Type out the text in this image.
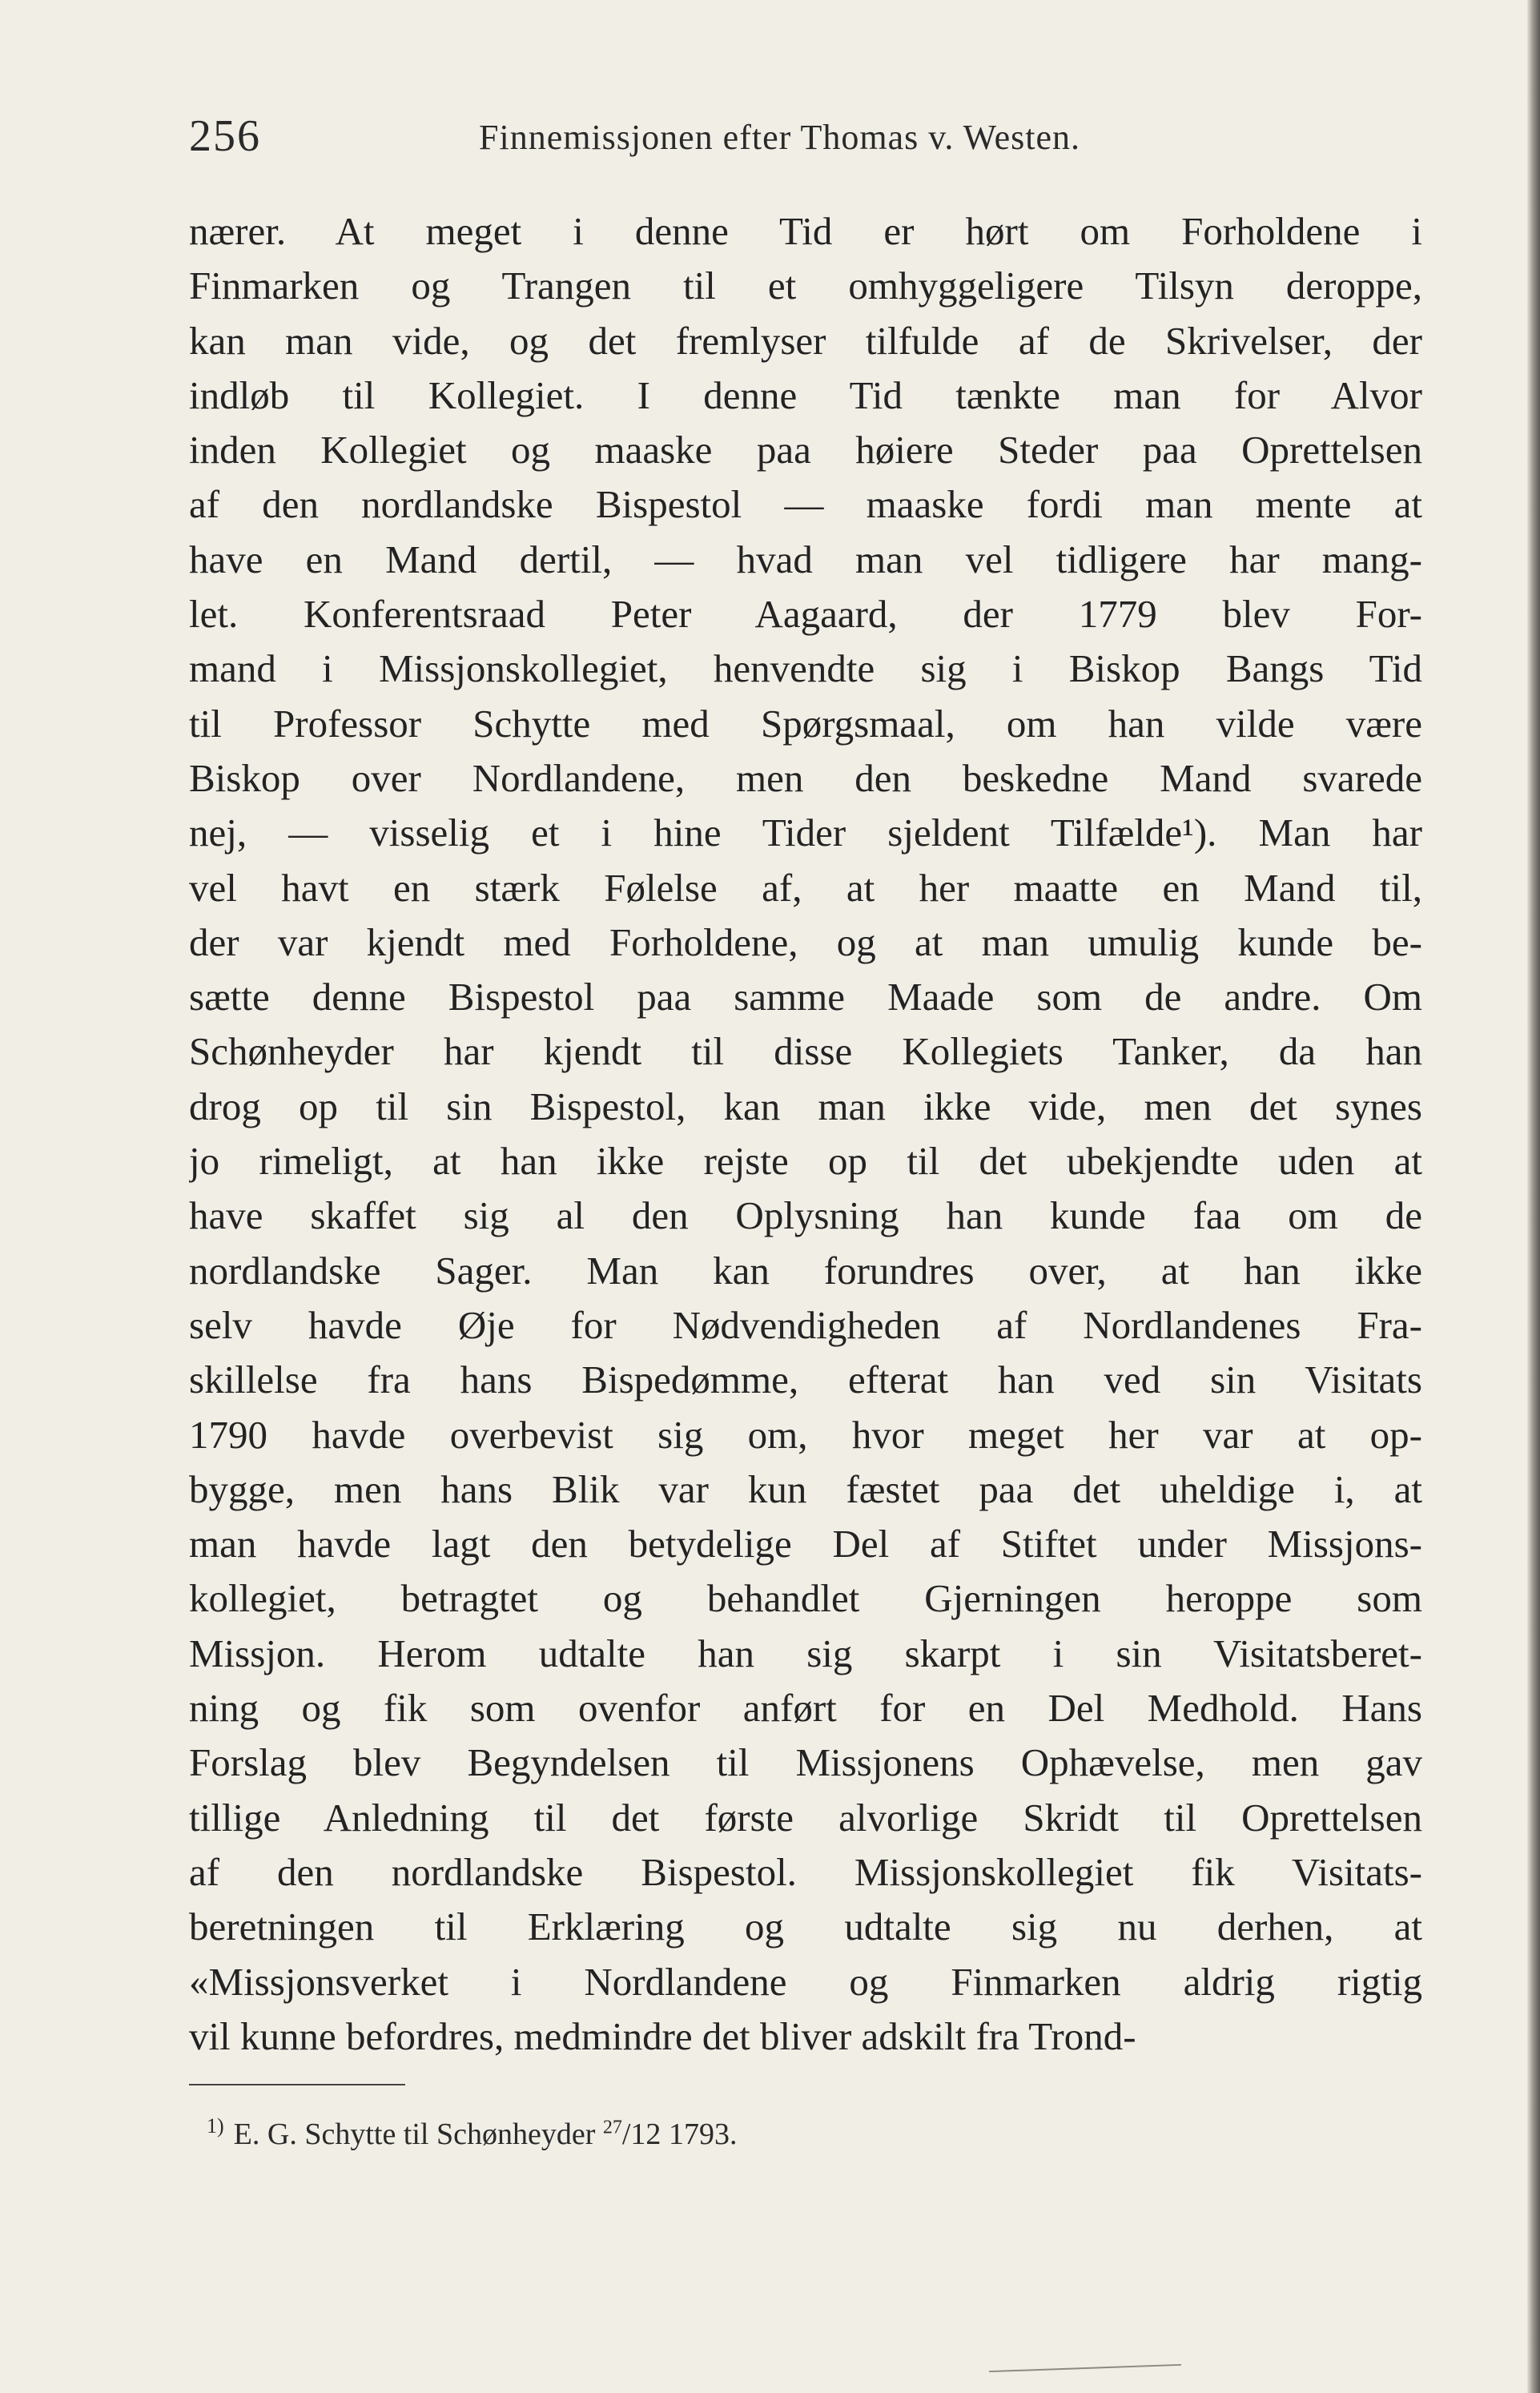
256	Finnemissjonen efter Thomas v. Westen.
nærer. At meget i denne Tid er hørt om Forholdene i
Finmarken og Trangen til et omhyggeligere Tilsyn deroppe,
kan man vide, og det fremlyser tilfulde af de Skrivelser, der
indløb til Kollegiet. I denne Tid tænkte man for Alvor
inden Kollegiet og maaske paa høiere Steder paa Oprettelsen
af den nordlandske Bispestol — maaske fordi man mente at
have en Mand dertil, — hvad man vel tidligere har mang-
let. Konferentsraad Peter Aagaard, der 1779 blev For-
mand i Missjonskollegiet, henvendte sig i Biskop Bangs Tid
til Professor Schytte med Spørgsmaal, om han vilde være
Biskop over Nordlandene, men den beskedne Mand svarede
nej, — visselig et i hine Tider sjeldent Tilfælde¹). Man har
vel havt en stærk Følelse af, at her maatte en Mand til,
der var kjendt med Forholdene, og at man umulig kunde be-
sætte denne Bispestol paa samme Maade som de andre. Om
Schønheyder har kjendt til disse Kollegiets Tanker, da han
drog op til sin Bispestol, kan man ikke vide, men det synes
jo rimeligt, at han ikke rejste op til det ubekjendte uden at
have skaffet sig al den Oplysning han kunde faa om de
nordlandske Sager. Man kan forundres over, at han ikke
selv havde Øje for Nødvendigheden af Nordlandenes Fra-
skillelse fra hans Bispedømme, efterat han ved sin Visitats
1790 havde overbevist sig om, hvor meget her var at op-
bygge, men hans Blik var kun fæstet paa det uheldige i, at
man havde lagt den betydelige Del af Stiftet under Missjons-
kollegiet, betragtet og behandlet Gjerningen heroppe som
Missjon. Herom udtalte han sig skarpt i sin Visitatsberet-
ning og fik som ovenfor anført for en Del Medhold. Hans
Forslag blev Begyndelsen til Missjonens Ophævelse, men gav
tillige Anledning til det første alvorlige Skridt til Oprettelsen
af den nordlandske Bispestol. Missjonskollegiet fik Visitats-
beretningen til Erklæring og udtalte sig nu derhen, at
«Missjonsverket i Nordlandene og Finmarken aldrig rigtig
vil kunne befordres, medmindre det bliver adskilt fra Trond-
$^{1)}$ E. G. Schytte til Schønheyder $^{27}$/12 1793.
